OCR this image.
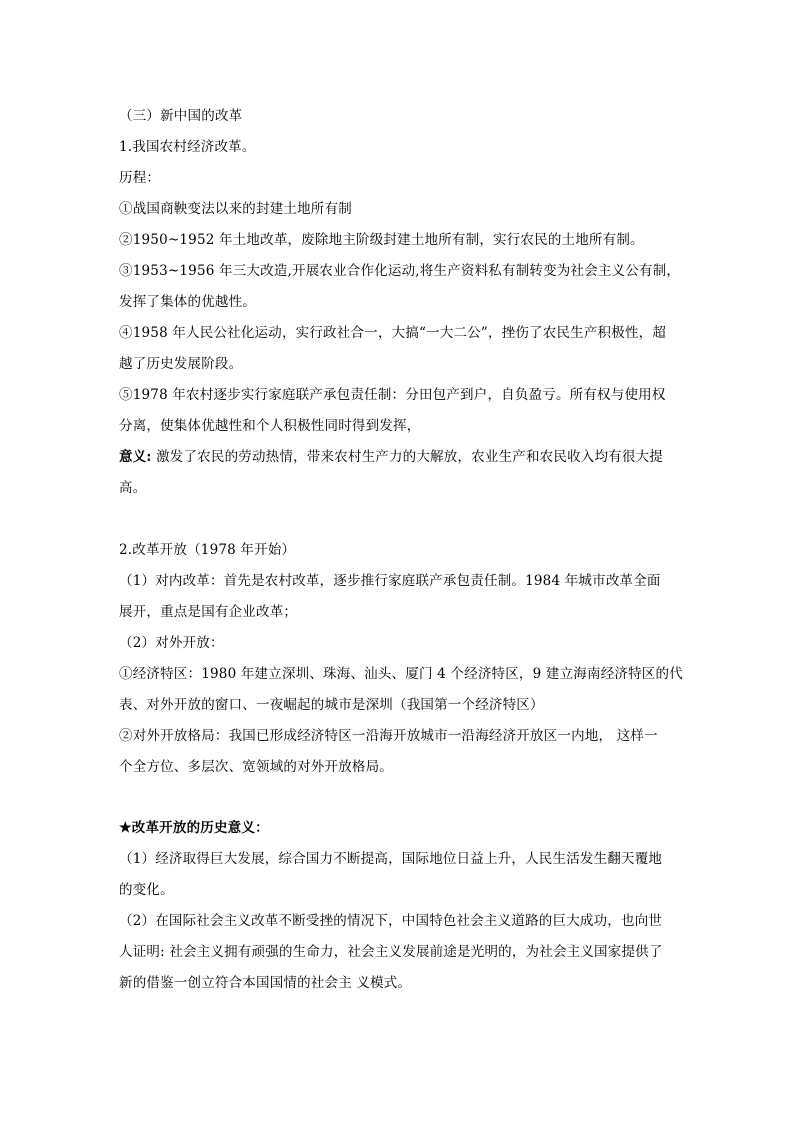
（三）新中国的改革
1.我国农村经济改革。
历程：
①战国商鞅变法以来的封建土地所有制
②1950~1952 年土地改革，废除地主阶级封建土地所有制，实行农民的土地所有制。
③1953~1956 年三大改造,开展农业合作化运动,将生产资料私有制转变为社会主义公有制，
发挥了集体的优越性。
④1958 年人民公社化运动，实行政社合一，大搞“一大二公”，挫伤了农民生产积极性，超
越了历史发展阶段。
⑤1978 年农村逐步实行家庭联产承包责任制：分田包产到户，自负盈亏。所有权与使用权
分离，使集体优越性和个人积极性同时得到发挥，
意义: 激发了农民的劳动热情，带来农村生产力的大解放，农业生产和农民收入均有很大提
高。
2.改革开放（1978 年开始）
（1）对内改革：首先是农村改革，逐步推行家庭联产承包责任制。1984 年城市改革全面
展开，重点是国有企业改革；
（2）对外开放：
①经济特区：1980 年建立深圳、珠海、汕头、厦门 4 个经济特区，9 建立海南经济特区的代
表、对外开放的窗口、一夜崛起的城市是深圳（我国第一个经济特区）
②对外开放格局：我国已形成经济特区一沿海开放城市一沿海经济开放区一内地， 这样一
个全方位、多层次、宽领域的对外开放格局。
★改革开放的历史意义：
（1）经济取得巨大发展，综合国力不断提高，国际地位日益上升，人民生活发生翻天覆地
的变化。
（2）在国际社会主义改革不断受挫的情况下，中国特色社会主义道路的巨大成功，也向世
人证明: 社会主义拥有顽强的生命力，社会主义发展前途是光明的，为社会主义国家提供了
新的借鉴一创立符合本国国情的社会主 义模式。
